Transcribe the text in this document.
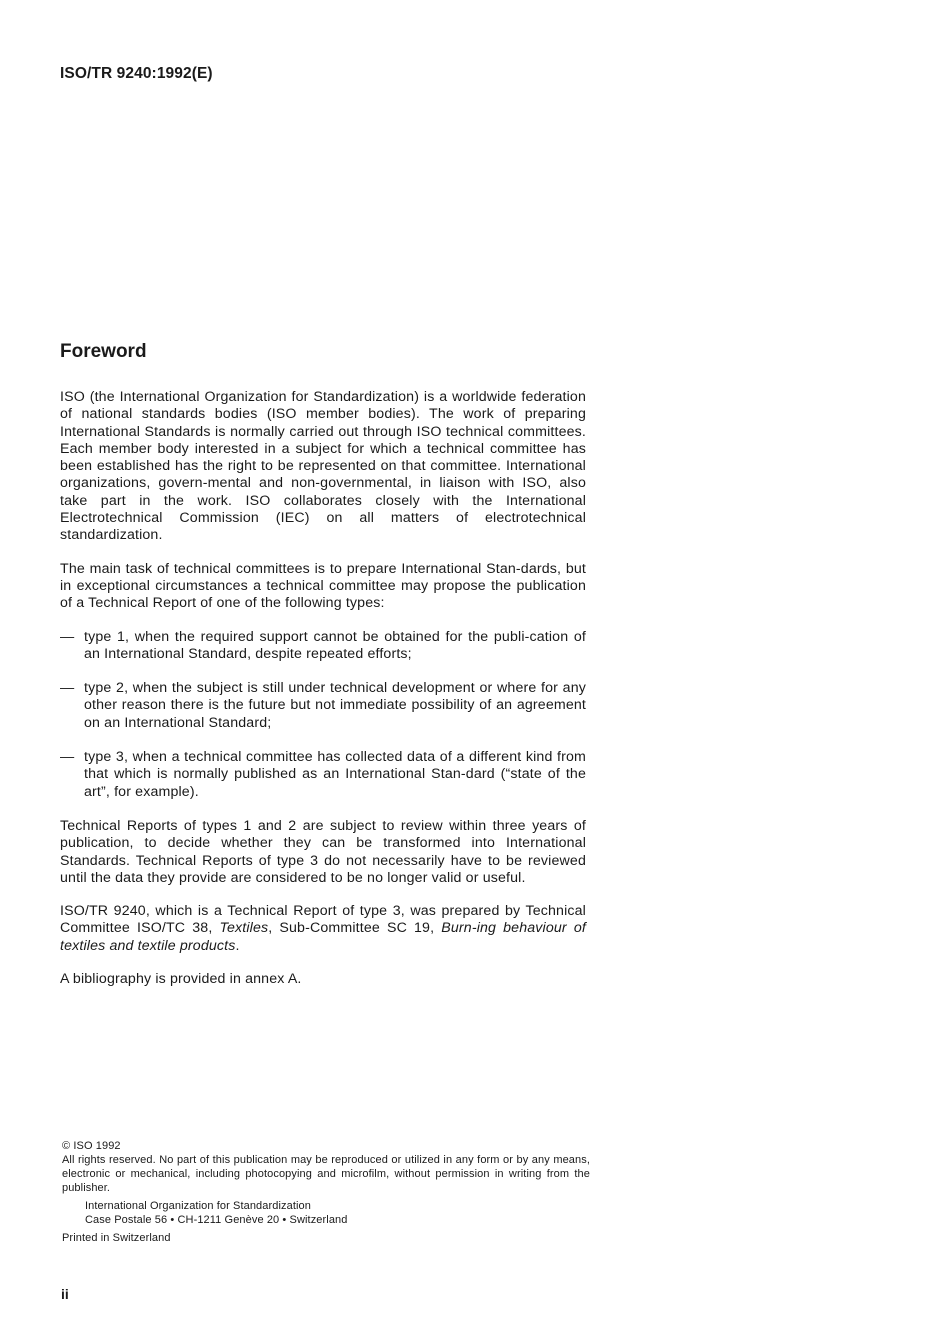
ISO/TR 9240:1992(E)
Foreword

ISO (the International Organization for Standardization) is a worldwide federation of national standards bodies (ISO member bodies). The work of preparing International Standards is normally carried out through ISO technical committees. Each member body interested in a subject for which a technical committee has been established has the right to be represented on that committee. International organizations, govern-mental and non-governmental, in liaison with ISO, also take part in the work. ISO collaborates closely with the International Electrotechnical Commission (IEC) on all matters of electrotechnical standardization.

The main task of technical committees is to prepare International Stan-dards, but in exceptional circumstances a technical committee may propose the publication of a Technical Report of one of the following types:

— type 1, when the required support cannot be obtained for the publi-cation of an International Standard, despite repeated efforts;
— type 2, when the subject is still under technical development or where for any other reason there is the future but not immediate possibility of an agreement on an International Standard;
— type 3, when a technical committee has collected data of a different kind from that which is normally published as an International Stan-dard (“state of the art”, for example).

Technical Reports of types 1 and 2 are subject to review within three years of publication, to decide whether they can be transformed into International Standards. Technical Reports of type 3 do not necessarily have to be reviewed until the data they provide are considered to be no longer valid or useful.

ISO/TR 9240, which is a Technical Report of type 3, was prepared by Technical Committee ISO/TC 38, Textiles, Sub-Committee SC 19, Burn-ing behaviour of textiles and textile products.

A bibliography is provided in annex A.

© ISO 1992

All rights reserved. No part of this publication may be reproduced or utilized in any form or by any means, electronic or mechanical, including photocopying and microfilm, without permission in writing from the publisher.

International Organization for Standardization
Case Postale 56 • CH-1211 Genève 20 • Switzerland

Printed in Switzerland

ii
